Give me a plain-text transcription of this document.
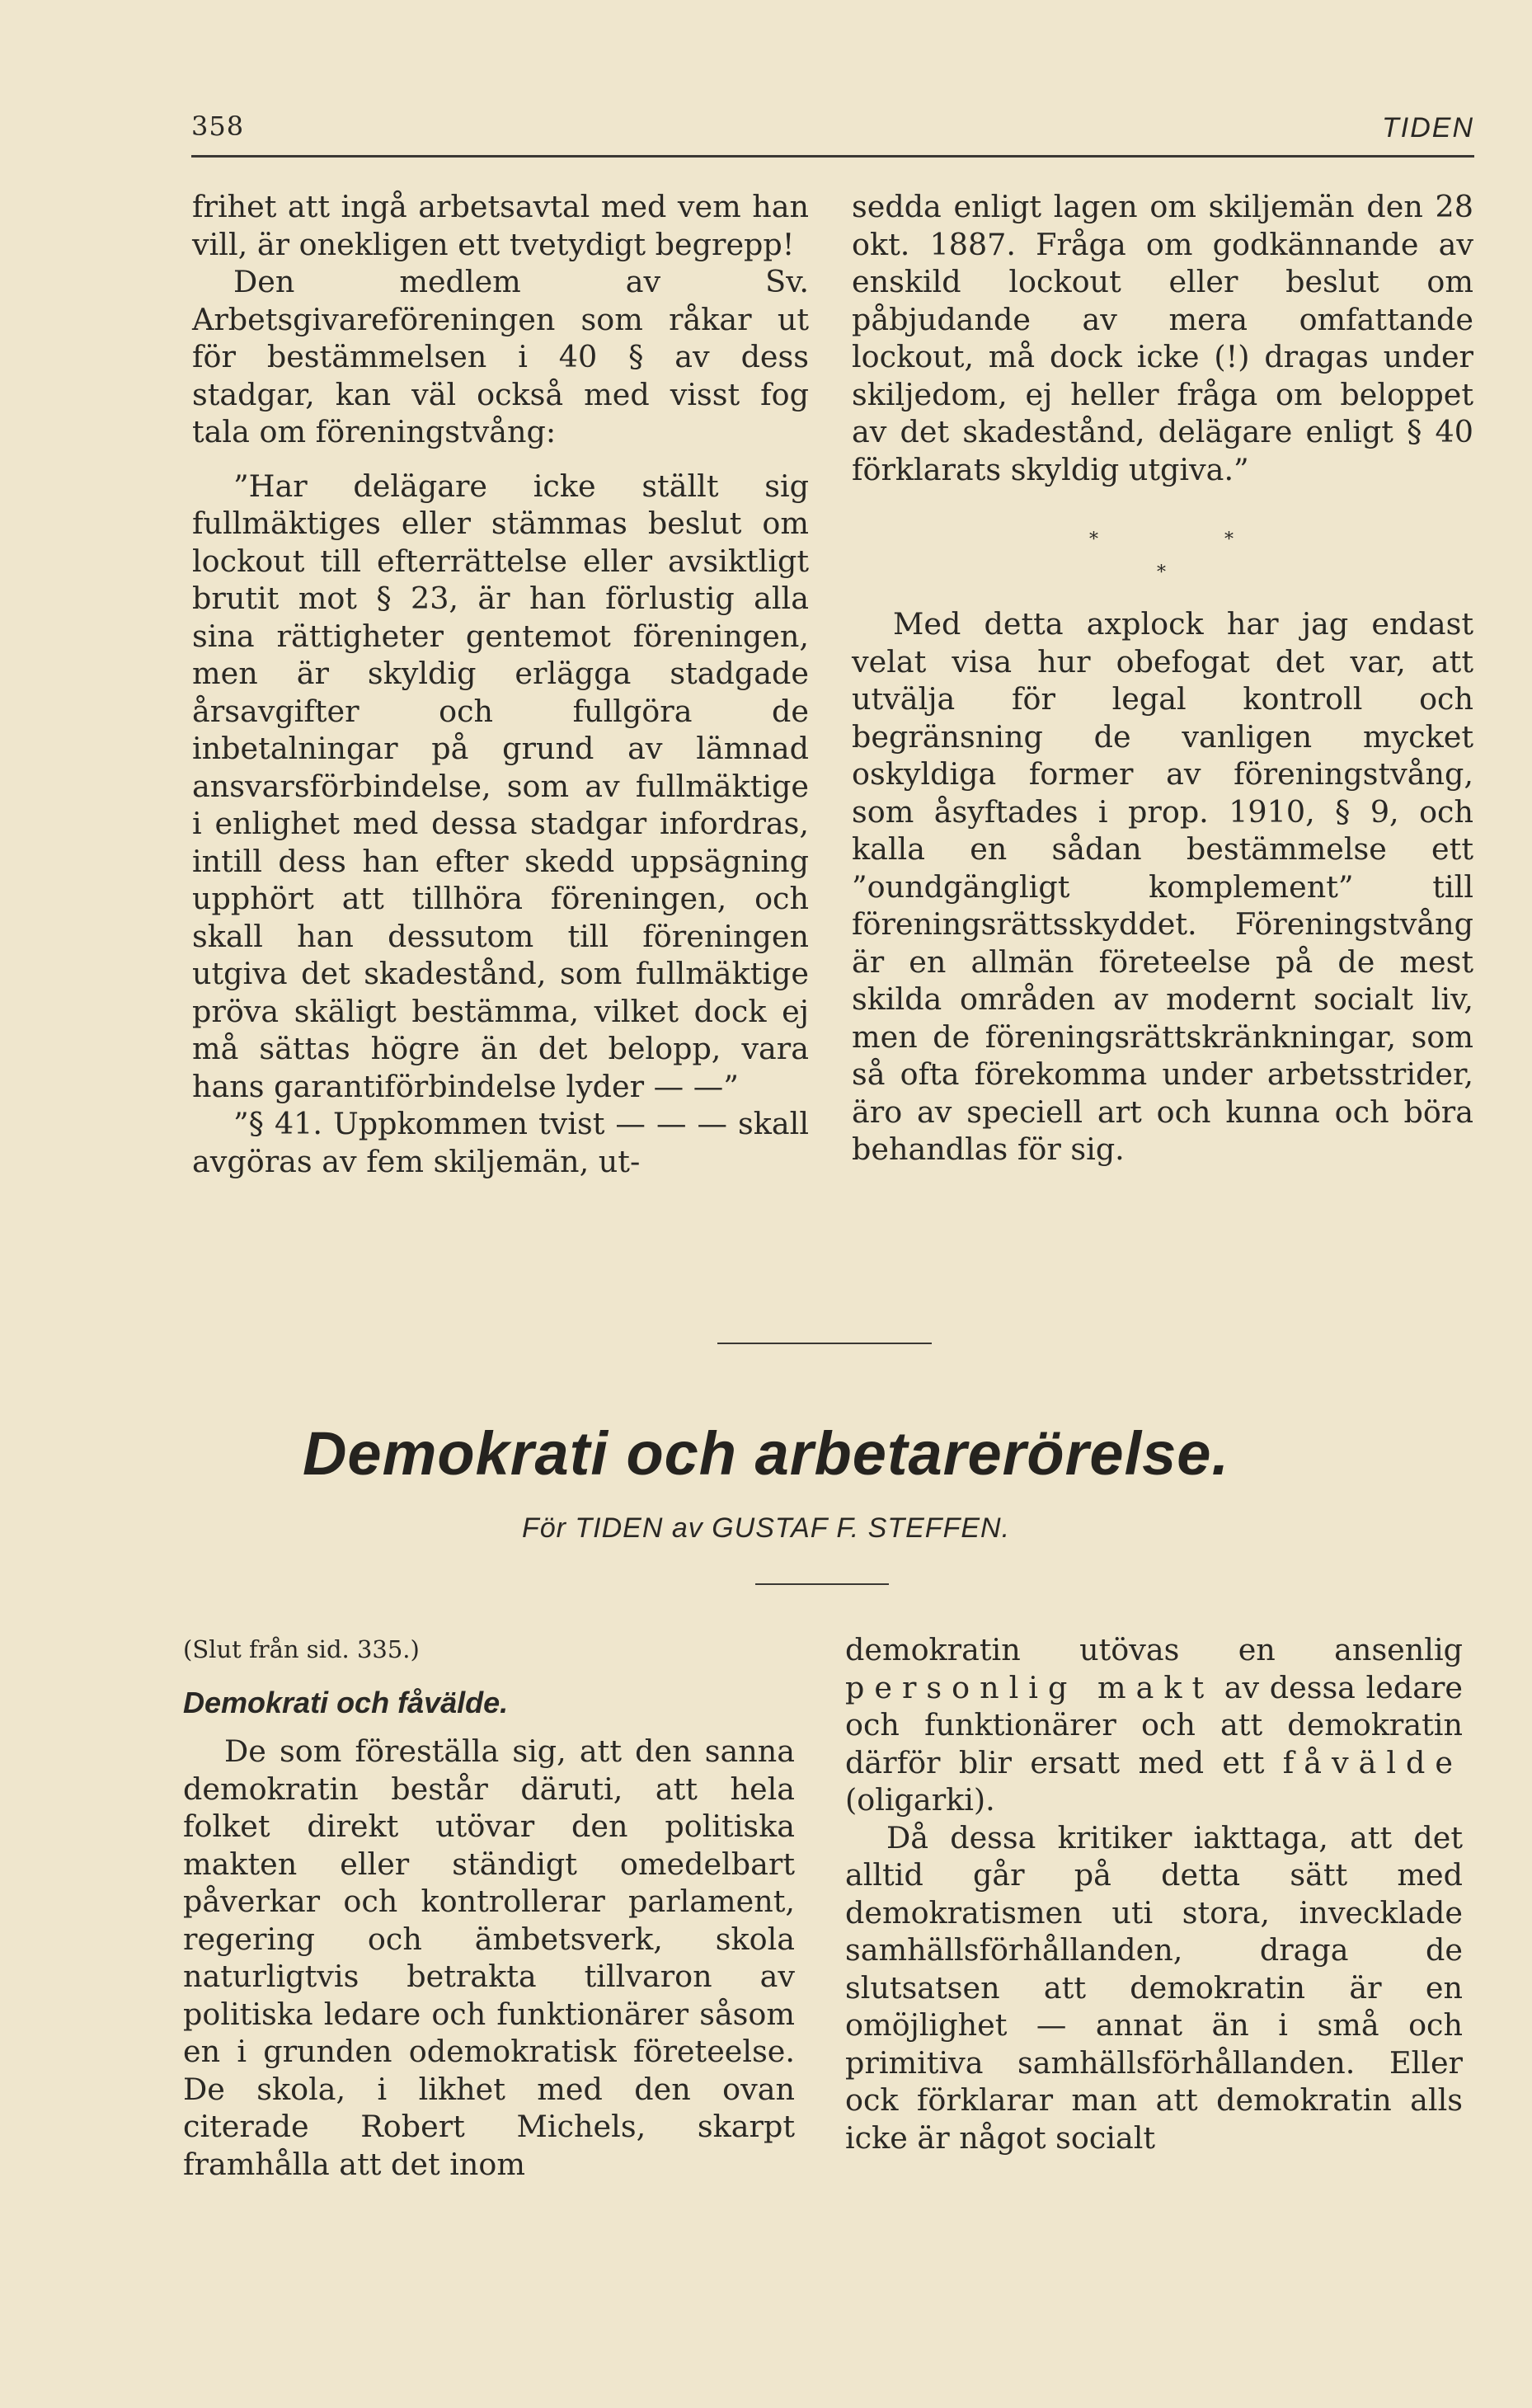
358	TIDEN

frihet att ingå arbetsavtal med vem han vill, är onekligen ett tvetydigt begrepp!

Den medlem av Sv. Arbetsgivareföreningen som råkar ut för bestämmelsen i 40 § av dess stadgar, kan väl också med visst fog tala om föreningstvång:

”Har delägare icke ställt sig fullmäktiges eller stämmas beslut om lockout till efterrättelse eller avsiktligt brutit mot § 23, är han förlustig alla sina rättigheter gentemot föreningen, men är skyldig erlägga stadgade årsavgifter och fullgöra de inbetalningar på grund av lämnad ansvarsförbindelse, som av fullmäktige i enlighet med dessa stadgar infordras, intill dess han efter skedd uppsägning upphört att tillhöra föreningen, och skall han dessutom till föreningen utgiva det skadestånd, som fullmäktige pröva skäligt bestämma, vilket dock ej må sättas högre än det belopp, vara hans garantiförbindelse lyder — —”

”§ 41. Uppkommen tvist — — — skall avgöras av fem skiljemän, ut-

sedda enligt lagen om skiljemän den 28 okt. 1887. Fråga om godkännande av enskild lockout eller beslut om påbjudande av mera omfattande lockout, må dock icke (!) dragas under skiljedom, ej heller fråga om beloppet av det skadestånd, delägare enligt § 40 förklarats skyldig utgiva.”

*	*
*

Med detta axplock har jag endast velat visa hur obefogat det var, att utvälja för legal kontroll och begränsning de vanligen mycket oskyldiga former av föreningstvång, som åsyftades i prop. 1910, § 9, och kalla en sådan bestämmelse ett ”oundgängligt komplement” till föreningsrättsskyddet. Föreningstvång är en allmän företeelse på de mest skilda områden av modernt socialt liv, men de föreningsrättskränkningar, som så ofta förekomma under arbetsstrider, äro av speciell art och kunna och böra behandlas för sig.

Demokrati och arbetarerörelse.
För TIDEN av GUSTAF F. STEFFEN.

(Slut från sid. 335.)

Demokrati och fåvälde.

De som föreställa sig, att den sanna demokratin består däruti, att hela folket direkt utövar den politiska makten eller ständigt omedelbart påverkar och kontrollerar parlament, regering och ämbetsverk, skola naturligtvis betrakta tillvaron av politiska ledare och funktionärer såsom en i grunden odemokratisk företeelse. De skola, i likhet med den ovan citerade Robert Michels, skarpt framhålla att det inom

demokratin utövas en ansenlig personlig makt av dessa ledare och funktionärer och att demokratin därför blir ersatt med ett fåvälde (oligarki).

Då dessa kritiker iakttaga, att det alltid går på detta sätt med demokratismen uti stora, invecklade samhällsförhållanden, draga de slutsatsen att demokratin är en omöjlighet — annat än i små och primitiva samhällsförhållanden. Eller ock förklarar man att demokratin alls icke är något socialt
